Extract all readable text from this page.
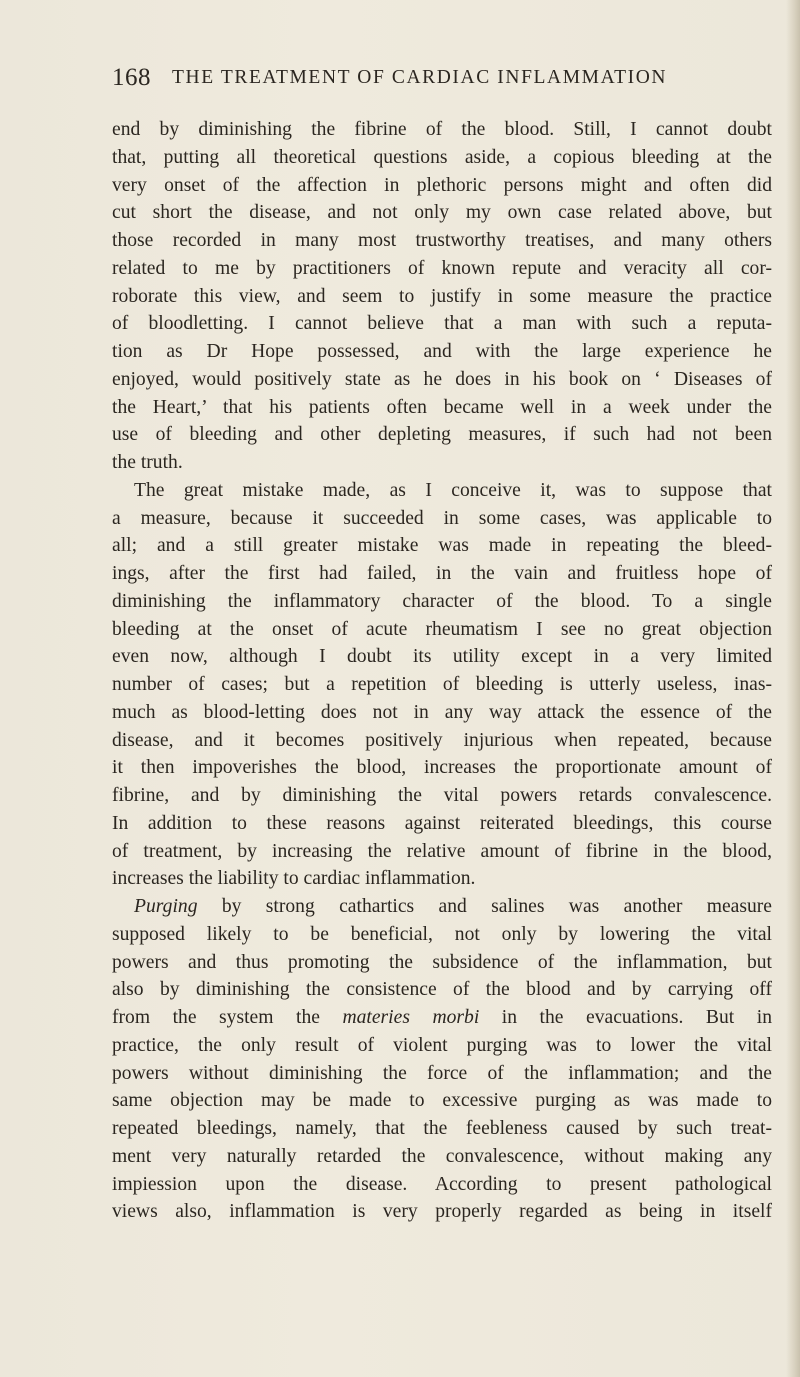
168 THE TREATMENT OF CARDIAC INFLAMMATION
end by diminishing the fibrine of the blood. Still, I cannot doubt
that, putting all theoretical questions aside, a copious bleeding at the
very onset of the affection in plethoric persons might and often did
cut short the disease, and not only my own case related above, but
those recorded in many most trustworthy treatises, and many others
related to me by practitioners of known repute and veracity all cor-
roborate this view, and seem to justify in some measure the practice
of bloodletting. I cannot believe that a man with such a reputa-
tion as Dr Hope possessed, and with the large experience he
enjoyed, would positively state as he does in his book on ‘ Diseases of
the Heart,’ that his patients often became well in a week under the
use of bleeding and other depleting measures, if such had not been
the truth.
The great mistake made, as I conceive it, was to suppose that
a measure, because it succeeded in some cases, was applicable to
all; and a still greater mistake was made in repeating the bleed-
ings, after the first had failed, in the vain and fruitless hope of
diminishing the inflammatory character of the blood. To a single
bleeding at the onset of acute rheumatism I see no great objection
even now, although I doubt its utility except in a very limited
number of cases; but a repetition of bleeding is utterly useless, inas-
much as blood-letting does not in any way attack the essence of the
disease, and it becomes positively injurious when repeated, because
it then impoverishes the blood, increases the proportionate amount of
fibrine, and by diminishing the vital powers retards convalescence.
In addition to these reasons against reiterated bleedings, this course
of treatment, by increasing the relative amount of fibrine in the blood,
increases the liability to cardiac inflammation.
Purging by strong cathartics and salines was another measure
supposed likely to be beneficial, not only by lowering the vital
powers and thus promoting the subsidence of the inflammation, but
also by diminishing the consistence of the blood and by carrying off
from the system the materies morbi in the evacuations. But in
practice, the only result of violent purging was to lower the vital
powers without diminishing the force of the inflammation; and the
same objection may be made to excessive purging as was made to
repeated bleedings, namely, that the feebleness caused by such treat-
ment very naturally retarded the convalescence, without making any
impiession upon the disease. According to present pathological
views also, inflammation is very properly regarded as being in itself
